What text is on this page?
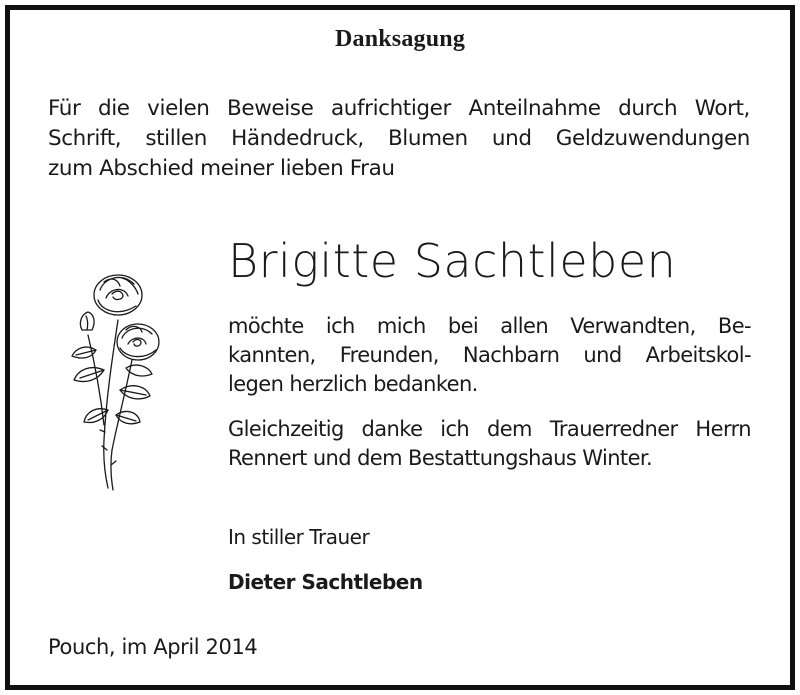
Danksagung
Für die vielen Beweise aufrichtiger Anteilnahme durch Wort,
Schrift, stillen Händedruck, Blumen und Geldzuwendungen
zum Abschied meiner lieben Frau
Brigitte Sachtleben
möchte ich mich bei allen Verwandten, Be-
kannten, Freunden, Nachbarn und Arbeitskol-
legen herzlich bedanken.
Gleichzeitig danke ich dem Trauerredner Herrn
Rennert und dem Bestattungshaus Winter.
In stiller Trauer
Dieter Sachtleben
Pouch, im April 2014
